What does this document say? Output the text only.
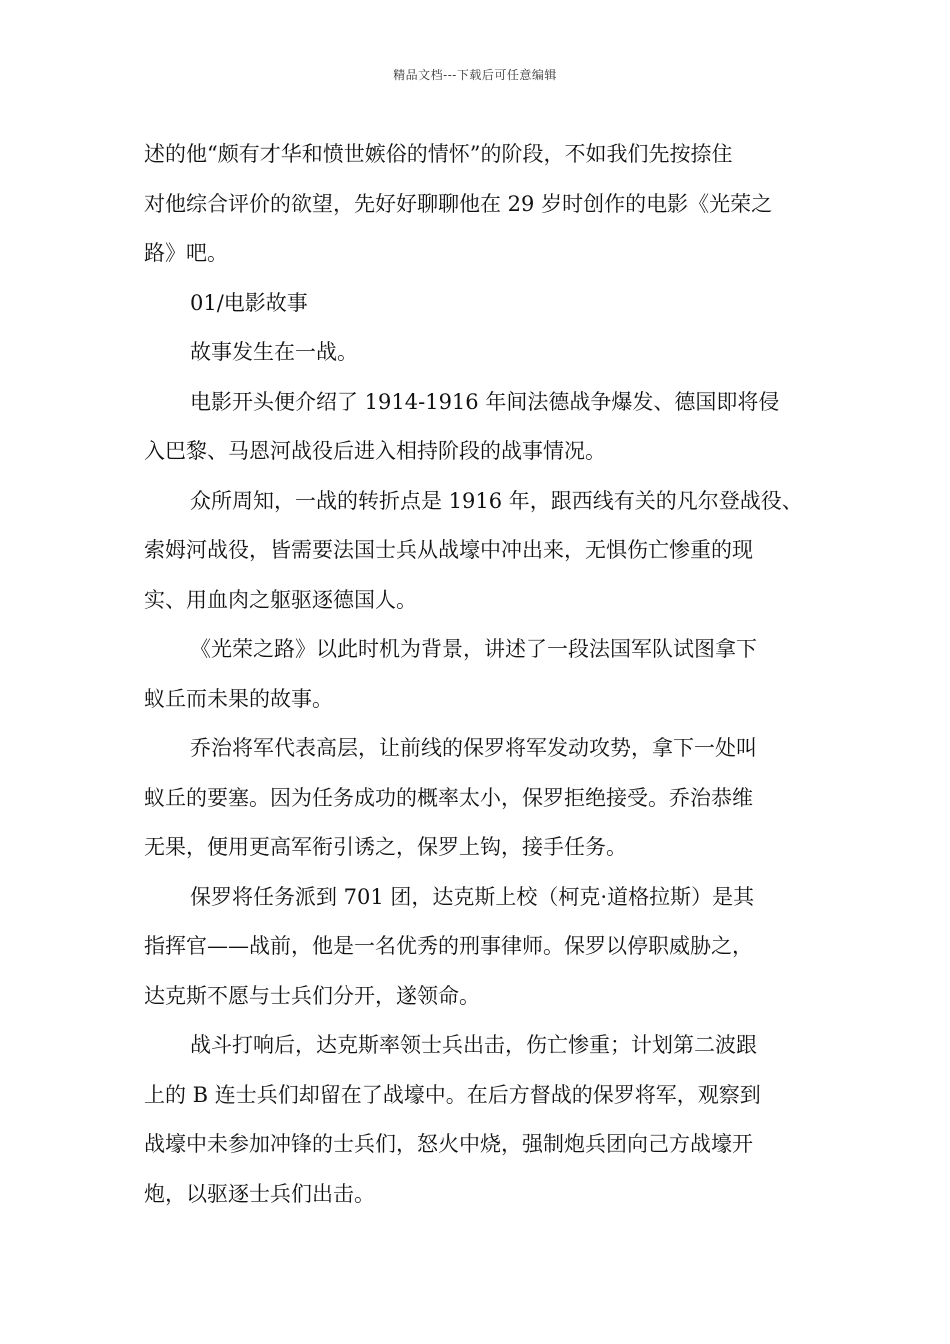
精品文档---下载后可任意编辑
述的他“颇有才华和愤世嫉俗的情怀”的阶段，不如我们先按捺住
对他综合评价的欲望，先好好聊聊他在 29 岁时创作的电影《光荣之
路》吧。
01/电影故事
故事发生在一战。
电影开头便介绍了 1914-1916 年间法德战争爆发、德国即将侵
入巴黎、马恩河战役后进入相持阶段的战事情况。
众所周知，一战的转折点是 1916 年，跟西线有关的凡尔登战役、
索姆河战役，皆需要法国士兵从战壕中冲出来，无惧伤亡惨重的现
实、用血肉之躯驱逐德国人。
《光荣之路》以此时机为背景，讲述了一段法国军队试图拿下
蚁丘而未果的故事。
乔治将军代表高层，让前线的保罗将军发动攻势，拿下一处叫
蚁丘的要塞。因为任务成功的概率太小，保罗拒绝接受。乔治恭维
无果，便用更高军衔引诱之，保罗上钩，接手任务。
保罗将任务派到 701 团，达克斯上校（柯克·道格拉斯）是其
指挥官——战前，他是一名优秀的刑事律师。保罗以停职威胁之，
达克斯不愿与士兵们分开，遂领命。
战斗打响后，达克斯率领士兵出击，伤亡惨重；计划第二波跟
上的 B 连士兵们却留在了战壕中。在后方督战的保罗将军，观察到
战壕中未参加冲锋的士兵们，怒火中烧，强制炮兵团向己方战壕开
炮，以驱逐士兵们出击。
